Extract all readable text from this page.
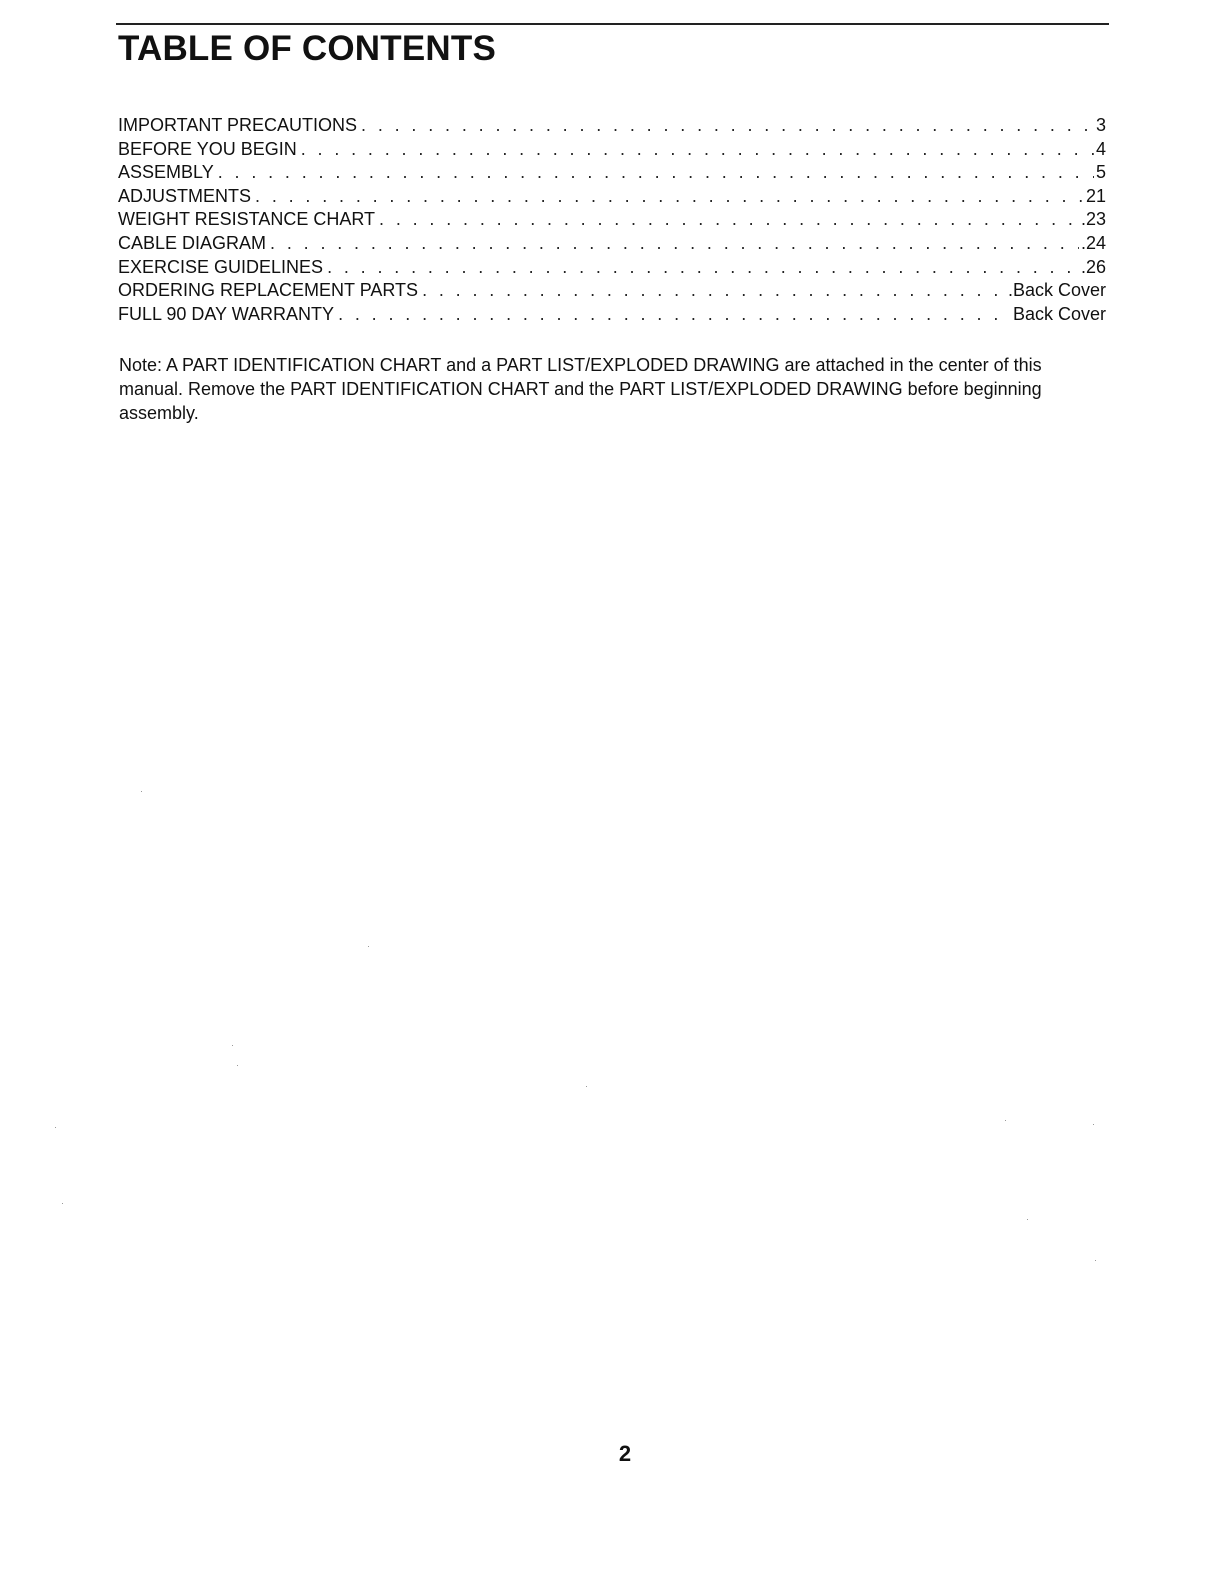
TABLE OF CONTENTS
IMPORTANT PRECAUTIONS . . .	3
BEFORE YOU BEGIN . . .	4
ASSEMBLY . . .	5
ADJUSTMENTS . . .	21
WEIGHT RESISTANCE CHART . . .	.23
CABLE DIAGRAM . . .	.24
EXERCISE GUIDELINES . . .	.26
ORDERING REPLACEMENT PARTS . . .	.Back Cover
FULL 90 DAY WARRANTY . . .	Back Cover

Note: A PART IDENTIFICATION CHART and a PART LIST/EXPLODED DRAWING are attached in the center of this manual. Remove the PART IDENTIFICATION CHART and the PART LIST/EXPLODED DRAWING before beginning assembly.

2
